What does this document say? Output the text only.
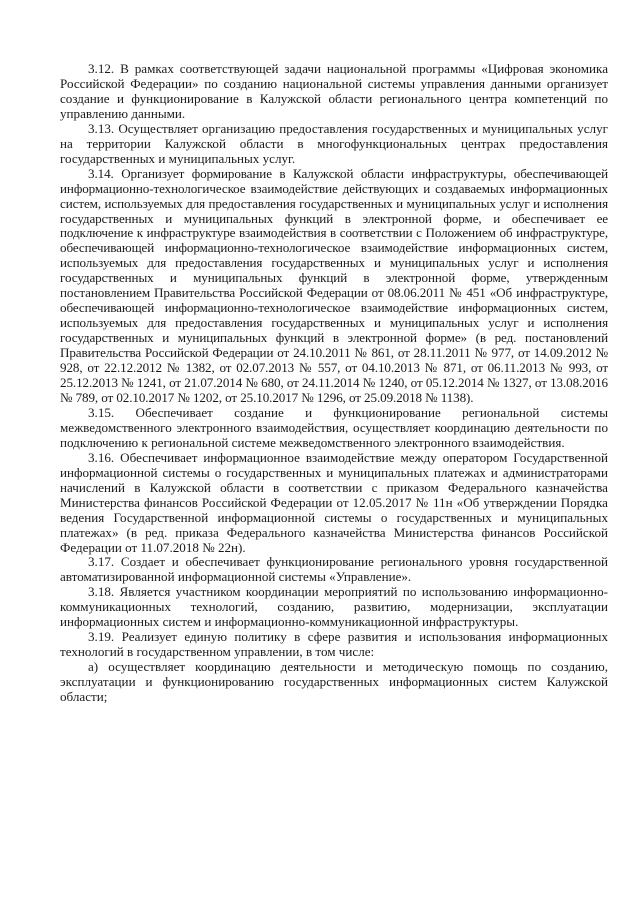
3.12. В рамках соответствующей задачи национальной программы «Цифровая экономика Российской Федерации» по созданию национальной системы управления данными организует создание и функционирование в Калужской области регионального центра компетенций по управлению данными.

3.13. Осуществляет организацию предоставления государственных и муниципальных услуг на территории Калужской области в многофункциональных центрах предоставления государственных и муниципальных услуг.

3.14. Организует формирование в Калужской области инфраструктуры, обеспечивающей информационно-технологическое взаимодействие действующих и создаваемых информационных систем, используемых для предоставления государственных и муниципальных услуг и исполнения государственных и муниципальных функций в электронной форме, и обеспечивает ее подключение к инфраструктуре взаимодействия в соответствии с Положением об инфраструктуре, обеспечивающей информационно-технологическое взаимодействие информационных систем, используемых для предоставления государственных и муниципальных услуг и исполнения государственных и муниципальных функций в электронной форме, утвержденным постановлением Правительства Российской Федерации от 08.06.2011 № 451 «Об инфраструктуре, обеспечивающей информационно-технологическое взаимодействие информационных систем, используемых для предоставления государственных и муниципальных услуг и исполнения государственных и муниципальных функций в электронной форме» (в ред. постановлений Правительства Российской Федерации от 24.10.2011 № 861, от 28.11.2011 № 977, от 14.09.2012 № 928, от 22.12.2012 № 1382, от 02.07.2013 № 557, от 04.10.2013 № 871, от 06.11.2013 № 993, от 25.12.2013 № 1241, от 21.07.2014 № 680, от 24.11.2014 № 1240, от 05.12.2014 № 1327, от 13.08.2016 № 789, от 02.10.2017 № 1202, от 25.10.2017 № 1296, от 25.09.2018 № 1138).

3.15. Обеспечивает создание и функционирование региональной системы межведомственного электронного взаимодействия, осуществляет координацию деятельности по подключению к региональной системе межведомственного электронного взаимодействия.

3.16. Обеспечивает информационное взаимодействие между оператором Государственной информационной системы о государственных и муниципальных платежах и администраторами начислений в Калужской области в соответствии с приказом Федерального казначейства Министерства финансов Российской Федерации от 12.05.2017 № 11н «Об утверждении Порядка ведения Государственной информационной системы о государственных и муниципальных платежах» (в ред. приказа Федерального казначейства Министерства финансов Российской Федерации от 11.07.2018 № 22н).

3.17. Создает и обеспечивает функционирование регионального уровня государственной автоматизированной информационной системы «Управление».

3.18. Является участником координации мероприятий по использованию информационно-коммуникационных технологий, созданию, развитию, модернизации, эксплуатации информационных систем и информационно-коммуникационной инфраструктуры.

3.19. Реализует единую политику в сфере развития и использования информационных технологий в государственном управлении, в том числе:

а) осуществляет координацию деятельности и методическую помощь по созданию, эксплуатации и функционированию государственных информационных систем Калужской области;
